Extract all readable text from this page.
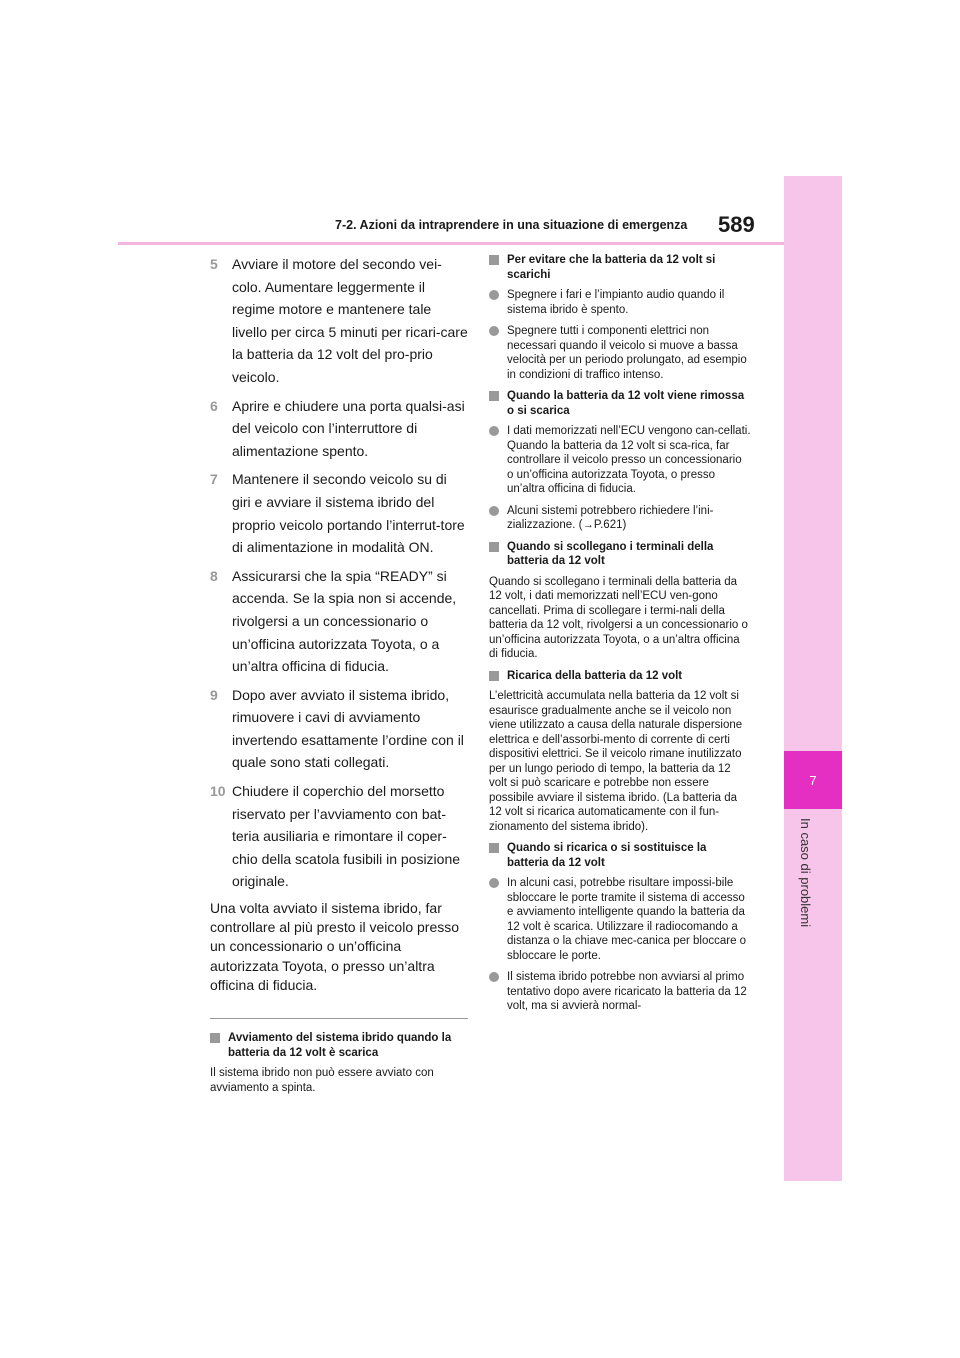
7-2. Azioni da intraprendere in una situazione di emergenza 589
7
In caso di problemi
5 Avviare il motore del secondo vei-colo. Aumentare leggermente il regime motore e mantenere tale livello per circa 5 minuti per ricari-care la batteria da 12 volt del pro-prio veicolo.
6 Aprire e chiudere una porta qualsi-asi del veicolo con l’interruttore di alimentazione spento.
7 Mantenere il secondo veicolo su di giri e avviare il sistema ibrido del proprio veicolo portando l’interrut-tore di alimentazione in modalità ON.
8 Assicurarsi che la spia “READY” si accenda. Se la spia non si accende, rivolgersi a un concessionario o un’officina autorizzata Toyota, o a un’altra officina di fiducia.
9 Dopo aver avviato il sistema ibrido, rimuovere i cavi di avviamento invertendo esattamente l’ordine con il quale sono stati collegati.
10 Chiudere il coperchio del morsetto riservato per l’avviamento con bat-teria ausiliaria e rimontare il coper-chio della scatola fusibili in posizione originale.
Una volta avviato il sistema ibrido, far controllare al più presto il veicolo presso un concessionario o un’officina autorizzata Toyota, o presso un’altra officina di fiducia.
Avviamento del sistema ibrido quando la batteria da 12 volt è scarica
Il sistema ibrido non può essere avviato con avviamento a spinta.
Per evitare che la batteria da 12 volt si scarichi
Spegnere i fari e l’impianto audio quando il sistema ibrido è spento.
Spegnere tutti i componenti elettrici non necessari quando il veicolo si muove a bassa velocità per un periodo prolungato, ad esempio in condizioni di traffico intenso.
Quando la batteria da 12 volt viene rimossa o si scarica
I dati memorizzati nell’ECU vengono can-cellati. Quando la batteria da 12 volt si sca-rica, far controllare il veicolo presso un concessionario o un’officina autorizzata Toyota, o presso un’altra officina di fiducia.
Alcuni sistemi potrebbero richiedere l’ini-zializzazione. (→P.621)
Quando si scollegano i terminali della batteria da 12 volt
Quando si scollegano i terminali della batteria da 12 volt, i dati memorizzati nell’ECU ven-gono cancellati. Prima di scollegare i termi-nali della batteria da 12 volt, rivolgersi a un concessionario o un’officina autorizzata Toyota, o a un’altra officina di fiducia.
Ricarica della batteria da 12 volt
L’elettricità accumulata nella batteria da 12 volt si esaurisce gradualmente anche se il veicolo non viene utilizzato a causa della naturale dispersione elettrica e dell’assorbi-mento di corrente di certi dispositivi elettrici. Se il veicolo rimane inutilizzato per un lungo periodo di tempo, la batteria da 12 volt si può scaricare e potrebbe non essere possibile avviare il sistema ibrido. (La batteria da 12 volt si ricarica automaticamente con il fun-zionamento del sistema ibrido).
Quando si ricarica o si sostituisce la batteria da 12 volt
In alcuni casi, potrebbe risultare impossi-bile sbloccare le porte tramite il sistema di accesso e avviamento intelligente quando la batteria da 12 volt è scarica. Utilizzare il radiocomando a distanza o la chiave mec-canica per bloccare o sbloccare le porte.
Il sistema ibrido potrebbe non avviarsi al primo tentativo dopo avere ricaricato la batteria da 12 volt, ma si avvierà normal-
